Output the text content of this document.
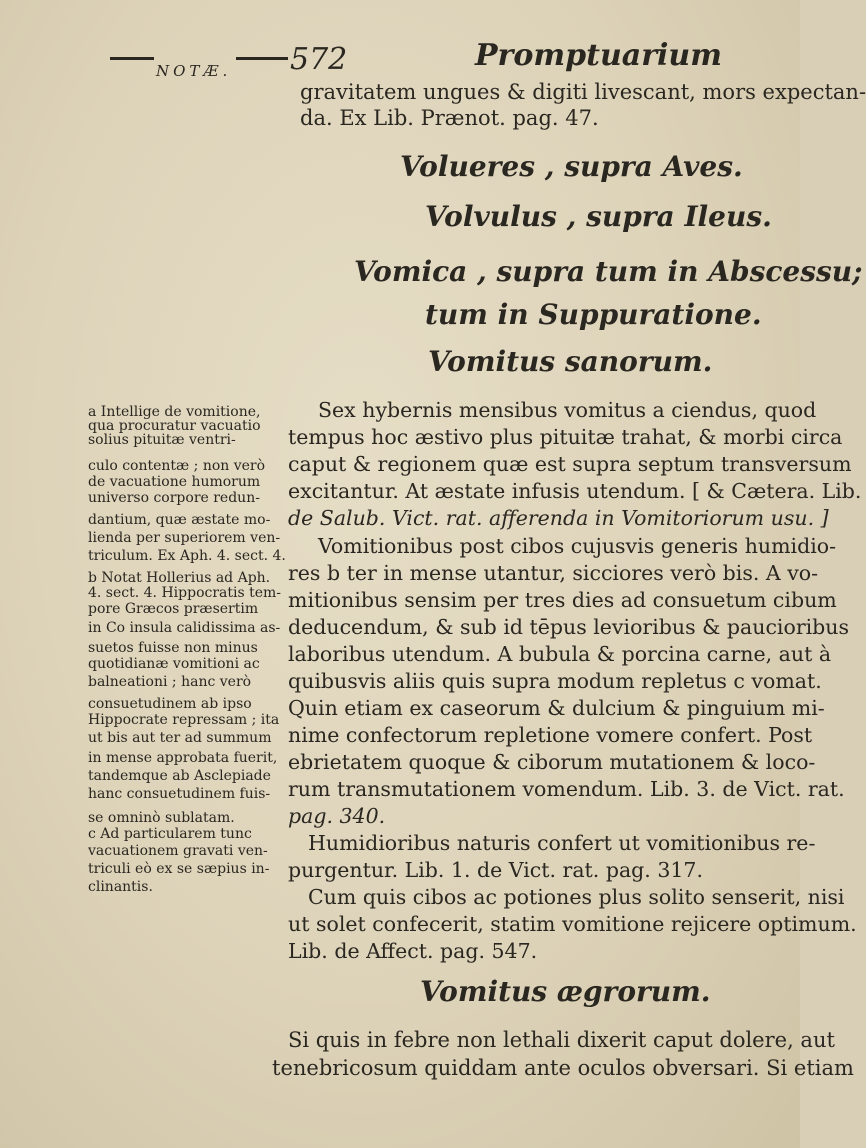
NOTÆ. 572	Promptuarium
gravitatem ungues & digiti livescant, mors expectan-
da. Ex Lib. Prænot. pag. 47.
Volueres , supra Aves.
Volvulus , supra Ileus.
Vomica , supra tum in Abscessu;
tum in Suppuratione.
Vomitus sanorum.
a Intellige de vomitione,
qua procuratur vacuatio
solius pituitæ ventri-
culo contentæ ; non verò
de vacuatione humorum
universo corpore redun-
dantium, quæ æstate mo-
lienda per superiorem ven-
triculum. Ex Aph. 4. sect. 4.
b Notat Hollerius ad Aph.
4. sect. 4. Hippocratis tem-
pore Græcos præsertim
in Co insula calidissima as-
suetos fuisse non minus
quotidianæ vomitioni ac
balneationi ; hanc verò
consuetudinem ab ipso
Hippocrate repressam ; ita
ut bis aut ter ad summum
in mense approbata fuerit,
tandemque ab Asclepiade
hanc consuetudinem fuis-
se omninò sublatam.
c Ad particularem tunc
vacuationem gravati ven-
triculi eò ex se sæpius in-
clinantis.
Sex hybernis mensibus vomitus a ciendus, quod
tempus hoc æstivo plus pituitæ trahat, & morbi circa
caput & regionem quæ est supra septum transversum
excitantur. At æstate infusis utendum. [ & Cætera. Lib.
de Salub. Vict. rat. afferenda in Vomitoriorum usu. ]
Vomitionibus post cibos cujusvis generis humidio-
res b ter in mense utantur, sicciores verò bis. A vo-
mitionibus sensim per tres dies ad consuetum cibum
deducendum, & sub id tēpus levioribus & paucioribus
laboribus utendum. A bubula & porcina carne, aut à
quibusvis aliis quis supra modum repletus c vomat.
Quin etiam ex caseorum & dulcium & pinguium mi-
nime confectorum repletione vomere confert. Post
ebrietatem quoque & ciborum mutationem & loco-
rum transmutationem vomendum. Lib. 3. de Vict. rat.
pag. 340.
Humidioribus naturis confert ut vomitionibus re-
purgentur. Lib. 1. de Vict. rat. pag. 317.
Cum quis cibos ac potiones plus solito senserit, nisi
ut solet confecerit, statim vomitione rejicere optimum.
Lib. de Affect. pag. 547.
Vomitus ægrorum.
Si quis in febre non lethali dixerit caput dolere, aut
tenebricosum quiddam ante oculos obversari. Si etiam
